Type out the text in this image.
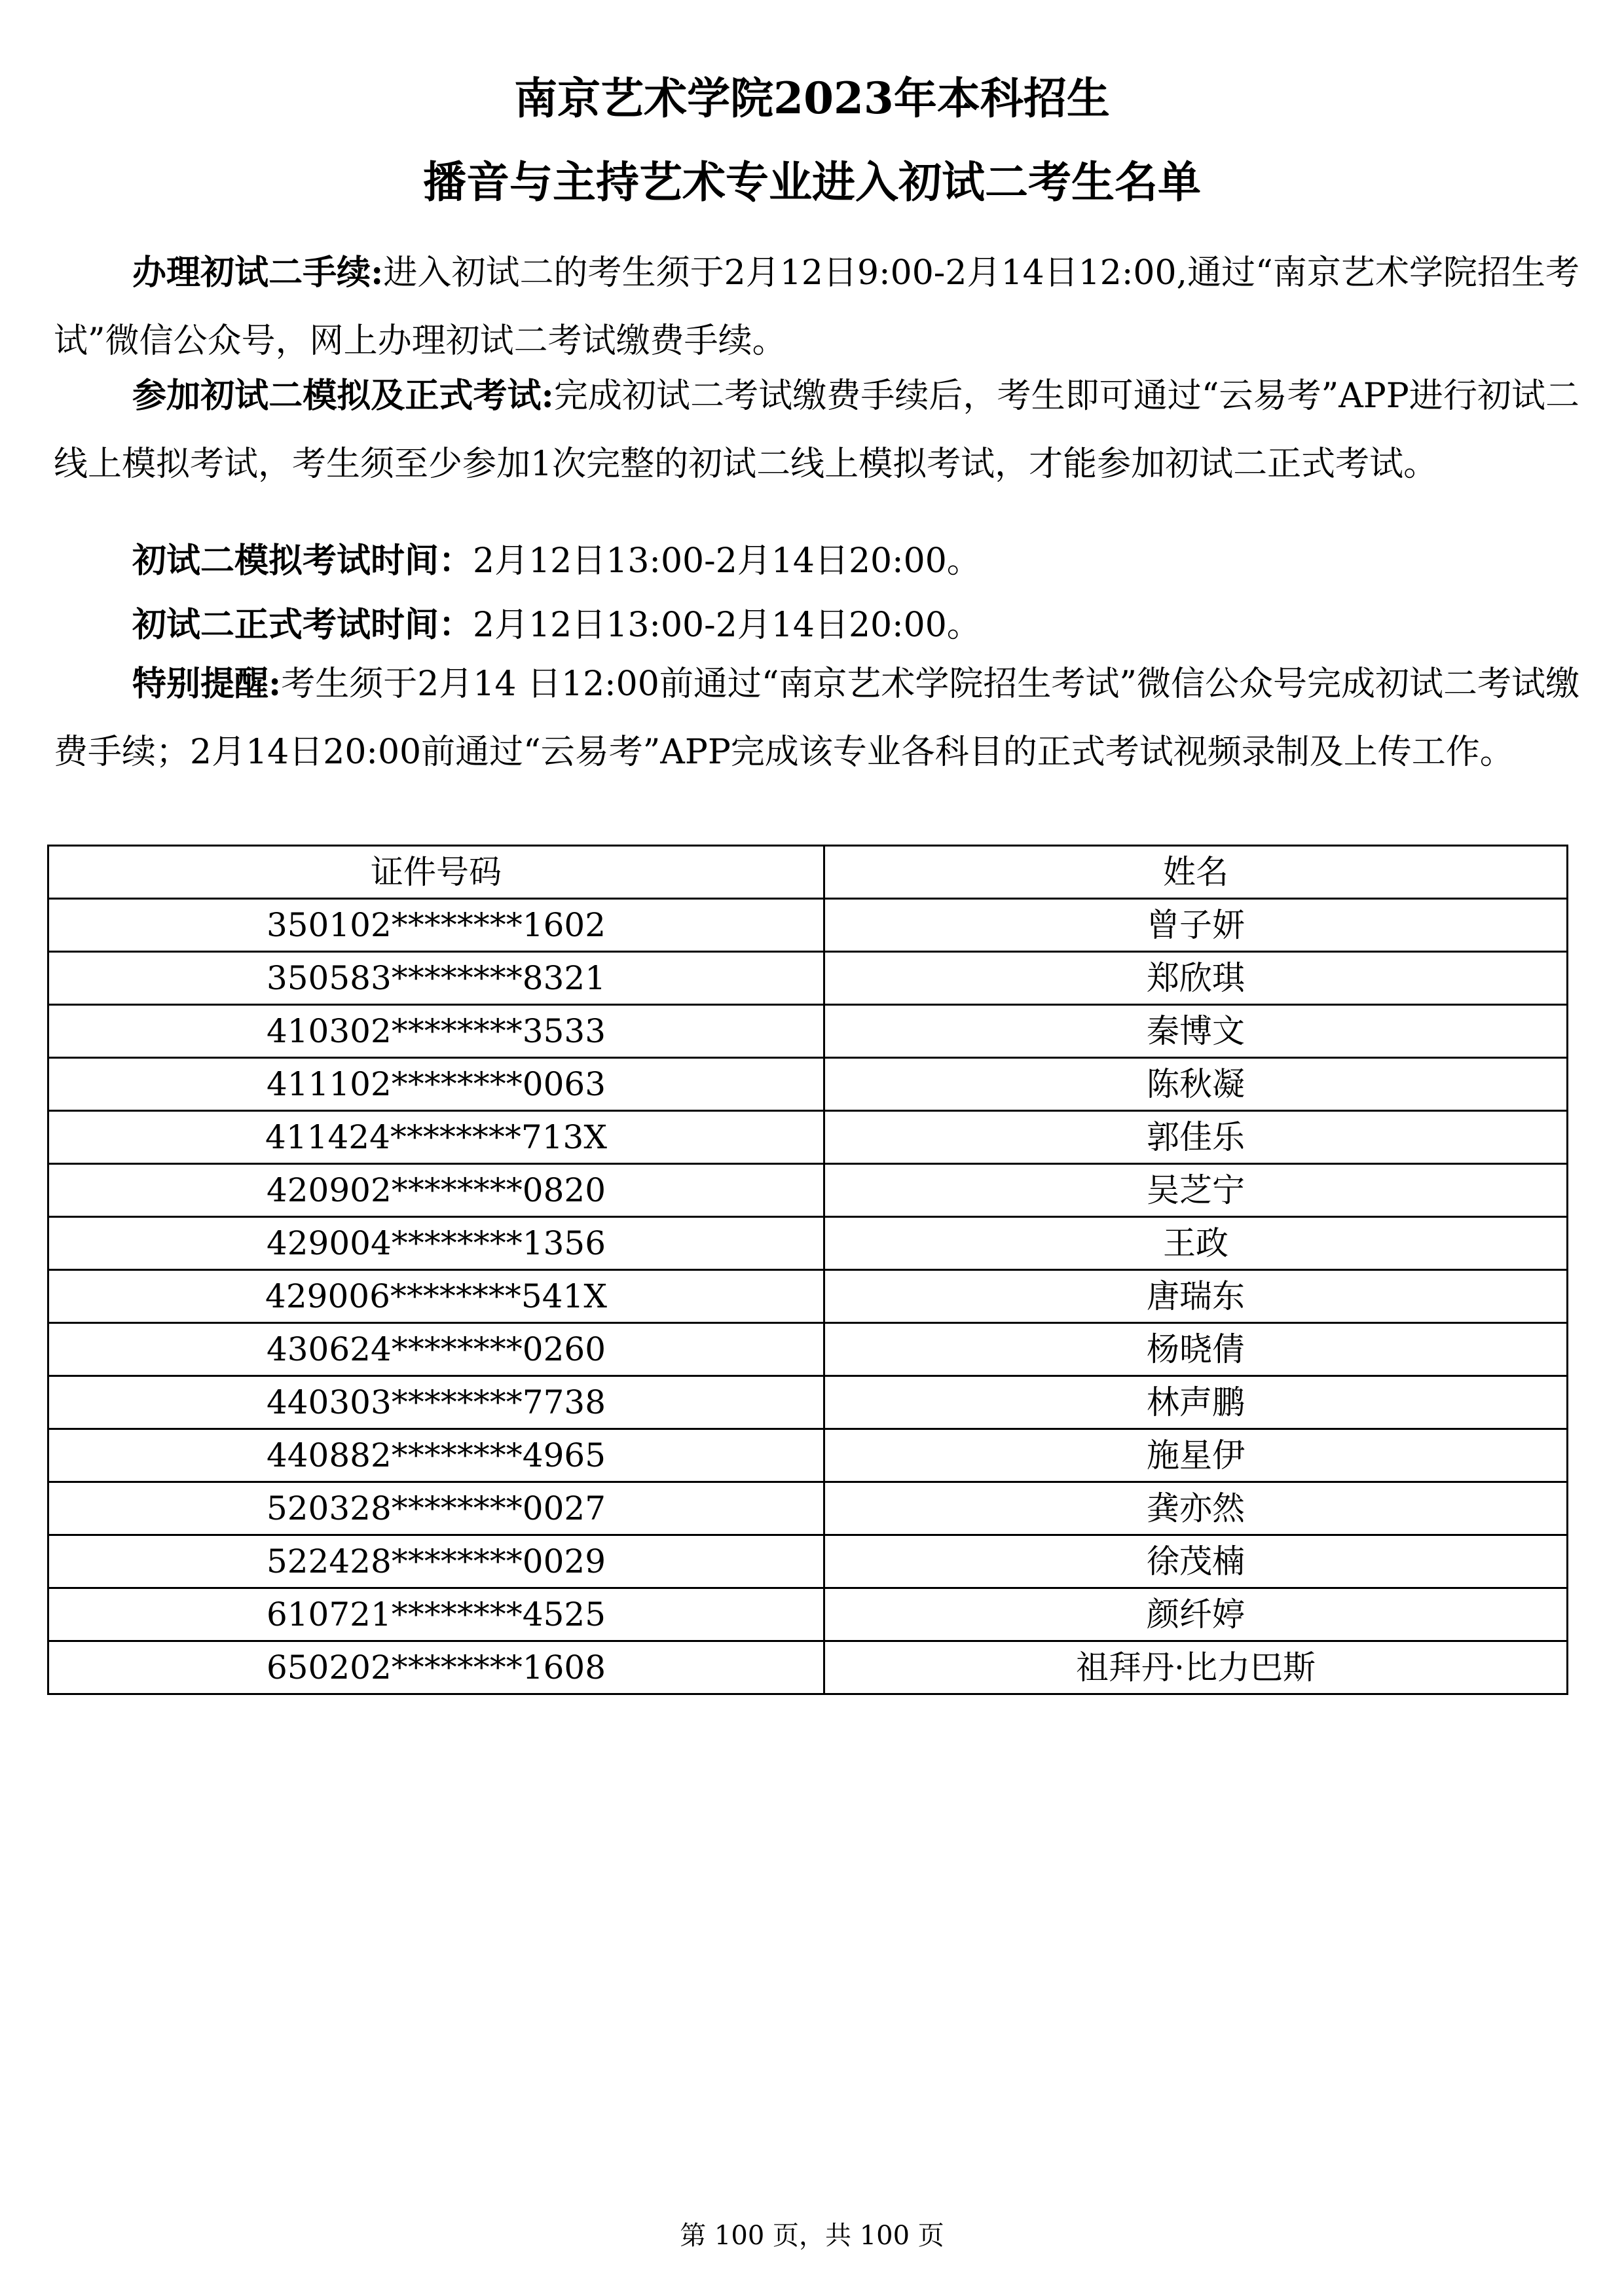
南京艺术学院2023年本科招生
播音与主持艺术专业进入初试二考生名单

办理初试二手续:进入初试二的考生须于2月12日9:00-2月14日12:00,通过“南京艺术学院招生考试”微信公众号，网上办理初试二考试缴费手续。

参加初试二模拟及正式考试:完成初试二考试缴费手续后，考生即可通过“云易考”APP进行初试二线上模拟考试，考生须至少参加1次完整的初试二线上模拟考试，才能参加初试二正式考试。

初试二模拟考试时间：2月12日13:00-2月14日20:00。

初试二正式考试时间：2月12日13:00-2月14日20:00。

特别提醒:考生须于2月14 日12:00前通过“南京艺术学院招生考试”微信公众号完成初试二考试缴费手续；2月14日20:00前通过“云易考”APP完成该专业各科目的正式考试视频录制及上传工作。

证件号码	姓名
350102********1602	曾子妍
350583********8321	郑欣琪
410302********3533	秦博文
411102********0063	陈秋凝
411424********713X	郭佳乐
420902********0820	吴芝宁
429004********1356	王政
429006********541X	唐瑞东
430624********0260	杨晓倩
440303********7738	林声鹏
440882********4965	施星伊
520328********0027	龚亦然
522428********0029	徐茂楠
610721********4525	颜纤婷
650202********1608	祖拜丹·比力巴斯
第 100 页，共 100 页
